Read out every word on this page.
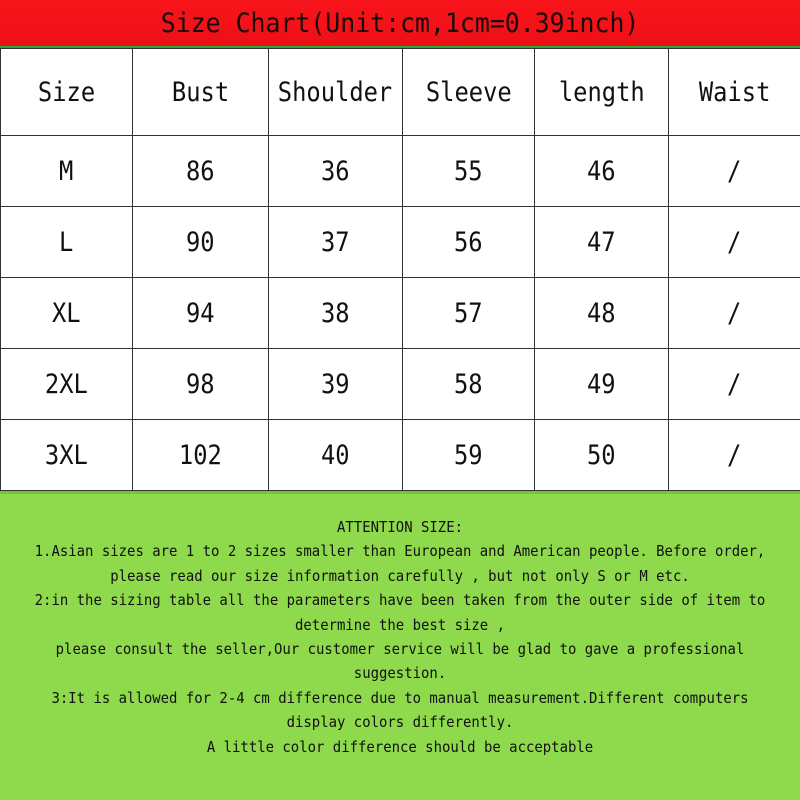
Size Chart(Unit:cm,1cm=0.39inch)
Size	Bust	Shoulder	Sleeve	length	Waist
M	86	36	55	46	/
L	90	37	56	47	/
XL	94	38	57	48	/
2XL	98	39	58	49	/
3XL	102	40	59	50	/
ATTENTION SIZE:
1.Asian sizes are 1 to 2 sizes smaller than European and American people. Before order,
please read our size information carefully , but not only S or M etc.
2:in the sizing table all the parameters have been taken from the outer side of item to
determine the best size ,
please consult the seller,Our customer service will be glad to gave a professional
suggestion.
3:It is allowed for 2-4 cm difference due to manual measurement.Different computers
display colors differently.
A little color difference should be acceptable
